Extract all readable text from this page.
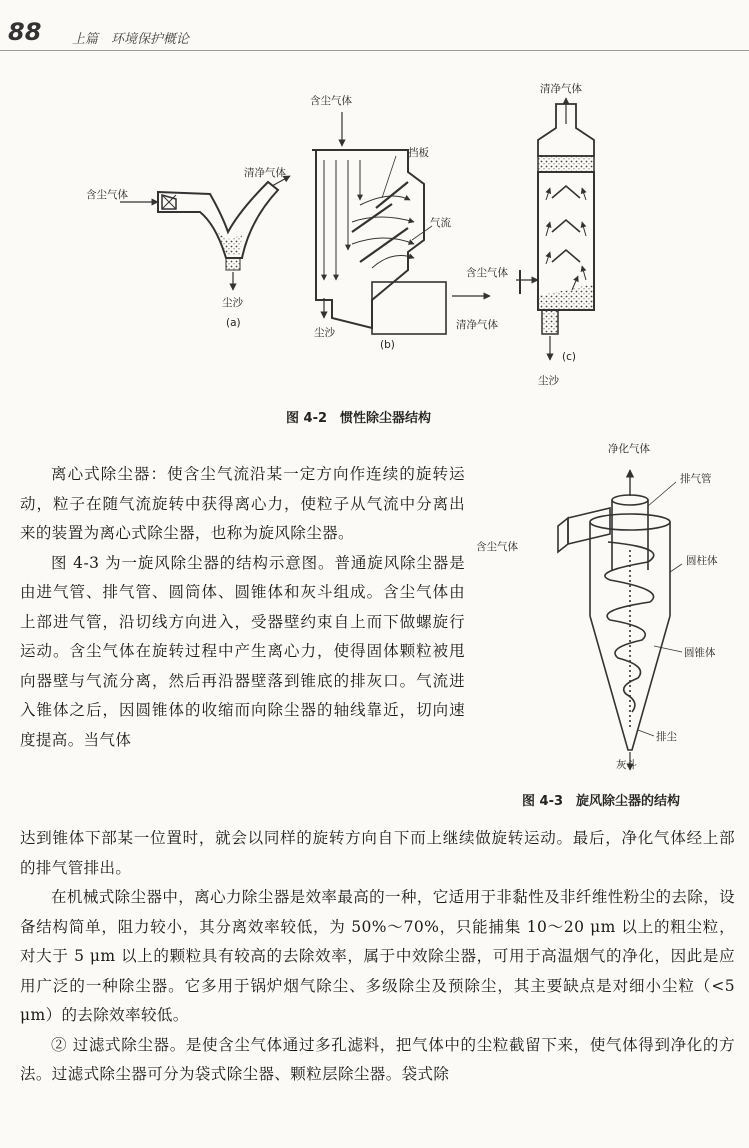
88 上篇　环境保护概论
含尘气体
清净气体
尘沙
(a)
含尘气体
挡板
气流
尘沙
清净气体
(b)
清净气体
含尘气体
(c)
尘沙
图 4-2　惯性除尘器结构
净化气体
排气管
含尘气体
圆柱体
圆锥体
排尘
灰斗
图 4-3　旋风除尘器的结构

离心式除尘器：使含尘气流沿某一定方向作连续的旋转运动，粒子在随气流旋转中获得离心力，使粒子从气流中分离出来的装置为离心式除尘器，也称为旋风除尘器。

图 4-3 为一旋风除尘器的结构示意图。普通旋风除尘器是由进气管、排气管、圆筒体、圆锥体和灰斗组成。含尘气体由上部进气管，沿切线方向进入，受器壁约束自上而下做螺旋行运动。含尘气体在旋转过程中产生离心力，使得固体颗粒被甩向器壁与气流分离，然后再沿器壁落到锥底的排灰口。气流进入锥体之后，因圆锥体的收缩而向除尘器的轴线靠近，切向速度提高。当气体

达到锥体下部某一位置时，就会以同样的旋转方向自下而上继续做旋转运动。最后，净化气体经上部的排气管排出。

在机械式除尘器中，离心力除尘器是效率最高的一种，它适用于非黏性及非纤维性粉尘的去除，设备结构简单，阻力较小，其分离效率较低，为 50%～70%，只能捕集 10～20 μm 以上的粗尘粒，对大于 5 μm 以上的颗粒具有较高的去除效率，属于中效除尘器，可用于高温烟气的净化，因此是应用广泛的一种除尘器。它多用于锅炉烟气除尘、多级除尘及预除尘，其主要缺点是对细小尘粒（<5 μm）的去除效率较低。

② 过滤式除尘器。是使含尘气体通过多孔滤料，把气体中的尘粒截留下来，使气体得到净化的方法。过滤式除尘器可分为袋式除尘器、颗粒层除尘器。袋式除
